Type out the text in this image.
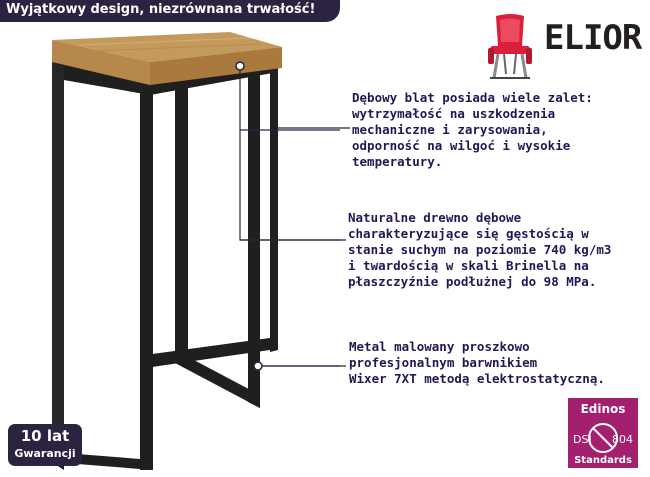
Wyjątkowy design, niezrównana trwałość!
ELIOR

Dębowy blat posiada wiele zalet:
wytrzymałość na uszkodzenia
mechaniczne i zarysowania,
odporność na wilgoć i wysokie
temperatury.

Naturalne drewno dębowe
charakteryzujące się gęstością w
stanie suchym na poziomie 740 kg/m3
i twardością w skali Brinella na
płaszczyźnie podłużnej do 98 MPa.

Metal malowany proszkowo
profesjonalnym barwnikiem
Wixer 7XT metodą elektrostatyczną.

10 lat
Gwarancji
Edinos
DSI 804
Standards
